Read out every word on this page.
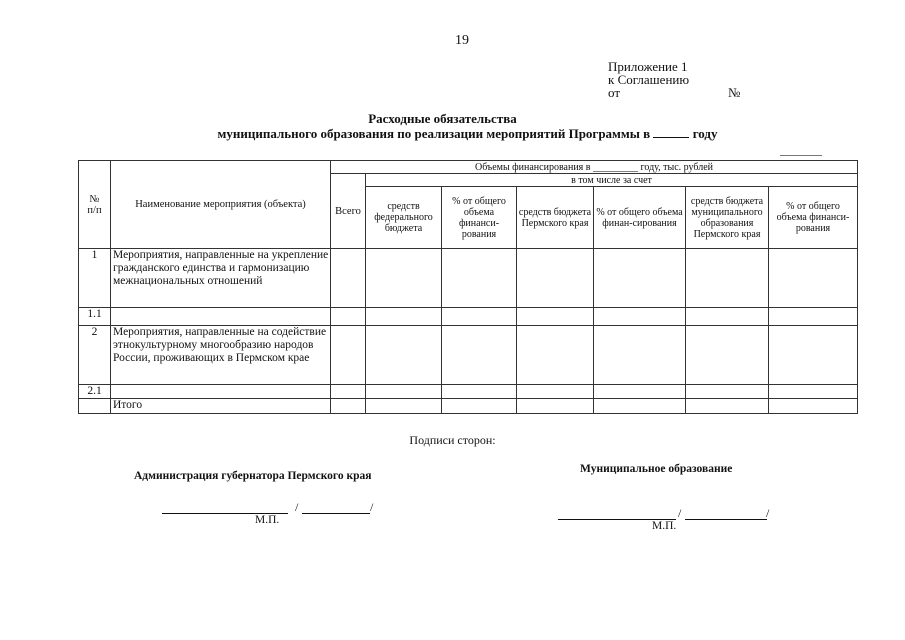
19
Приложение 1
к Соглашению
от	№
Расходные обязательства
муниципального образования по реализации мероприятий Программы в	году
№
п/п	Наименование мероприятия (объекта)	Объемы финансирования в _________ году, тыс. рублей						
		Всего	в том числе за счет					
			средств федерального бюджета	% от общего объема финанси-рования	средств бюджета Пермского края	% от общего объема финан-сирования	средств бюджета муниципального образования Пермского края	% от общего объема финанси-рования
1	Мероприятия, направленные на укрепление гражданского единства и гармонизацию межнациональных отношений							
1.1								
2	Мероприятия, направленные на содействие этнокультурному многообразию народов России, проживающих в Пермском крае							
2.1								
	Итого							
Подписи сторон:
Администрация губернатора Пермского края
Муниципальное образование
/	/
М.П.	/	/
М.П.
